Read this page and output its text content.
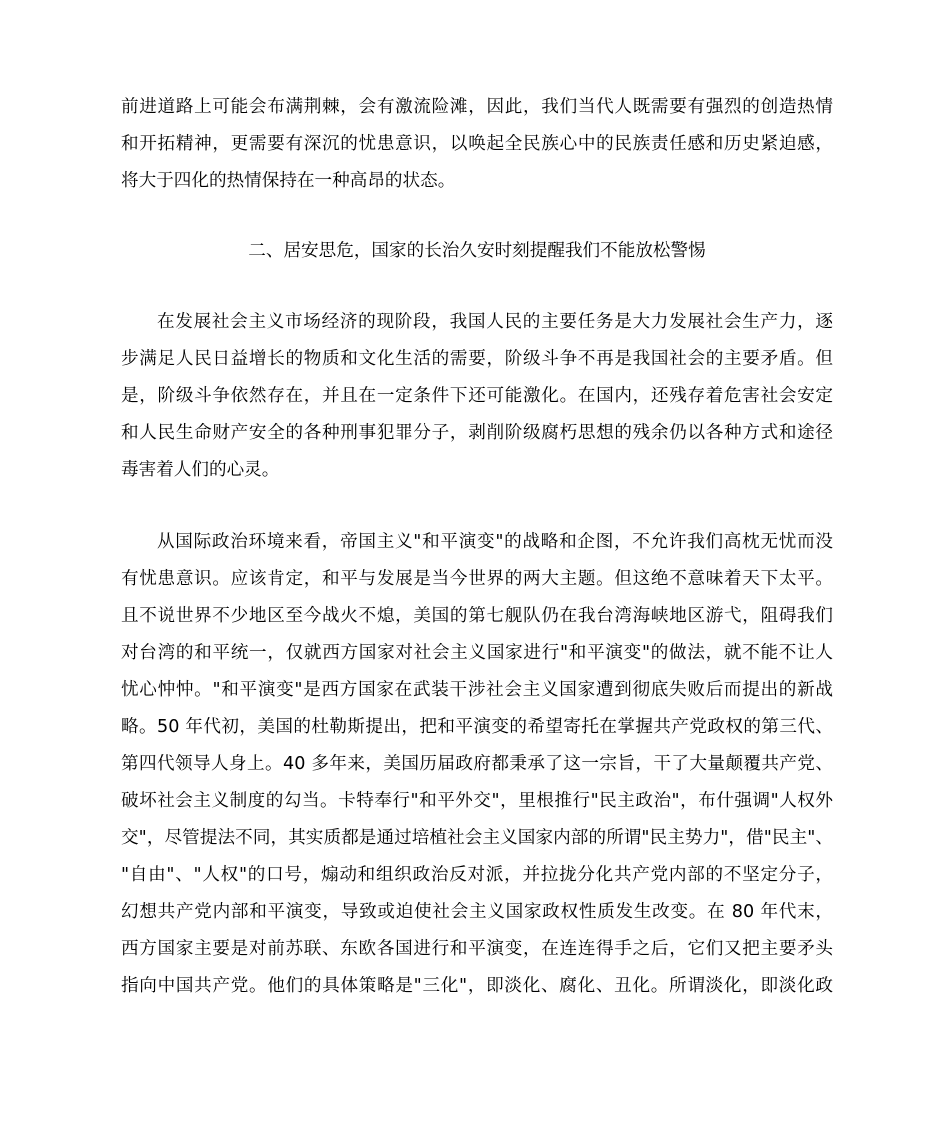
前进道路上可能会布满荆棘，会有激流险滩，因此，我们当代人既需要有强烈的创造热情
和开拓精神，更需要有深沉的忧患意识，以唤起全民族心中的民族责任感和历史紧迫感，
将大于四化的热情保持在一种高昂的状态。
二、居安思危，国家的长治久安时刻提醒我们不能放松警惕
在发展社会主义市场经济的现阶段，我国人民的主要任务是大力发展社会生产力，逐
步满足人民日益增长的物质和文化生活的需要，阶级斗争不再是我国社会的主要矛盾。但
是，阶级斗争依然存在，并且在一定条件下还可能激化。在国内，还残存着危害社会安定
和人民生命财产安全的各种刑事犯罪分子，剥削阶级腐朽思想的残余仍以各种方式和途径
毒害着人们的心灵。
从国际政治环境来看，帝国主义"和平演变"的战略和企图，不允许我们高枕无忧而没
有忧患意识。应该肯定，和平与发展是当今世界的两大主题。但这绝不意味着天下太平。
且不说世界不少地区至今战火不熄，美国的第七舰队仍在我台湾海峡地区游弋，阻碍我们
对台湾的和平统一，仅就西方国家对社会主义国家进行"和平演变"的做法，就不能不让人
忧心忡忡。"和平演变"是西方国家在武装干涉社会主义国家遭到彻底失败后而提出的新战
略。50 年代初，美国的杜勒斯提出，把和平演变的希望寄托在掌握共产党政权的第三代、
第四代领导人身上。40 多年来，美国历届政府都秉承了这一宗旨，干了大量颠覆共产党、
破坏社会主义制度的勾当。卡特奉行"和平外交"，里根推行"民主政治"，布什强调"人权外
交"，尽管提法不同，其实质都是通过培植社会主义国家内部的所谓"民主势力"，借"民主"、
"自由"、"人权"的口号，煽动和组织政治反对派，并拉拢分化共产党内部的不坚定分子，
幻想共产党内部和平演变，导致或迫使社会主义国家政权性质发生改变。在 80 年代末，
西方国家主要是对前苏联、东欧各国进行和平演变，在连连得手之后，它们又把主要矛头
指向中国共产党。他们的具体策略是"三化"，即淡化、腐化、丑化。所谓淡化，即淡化政
